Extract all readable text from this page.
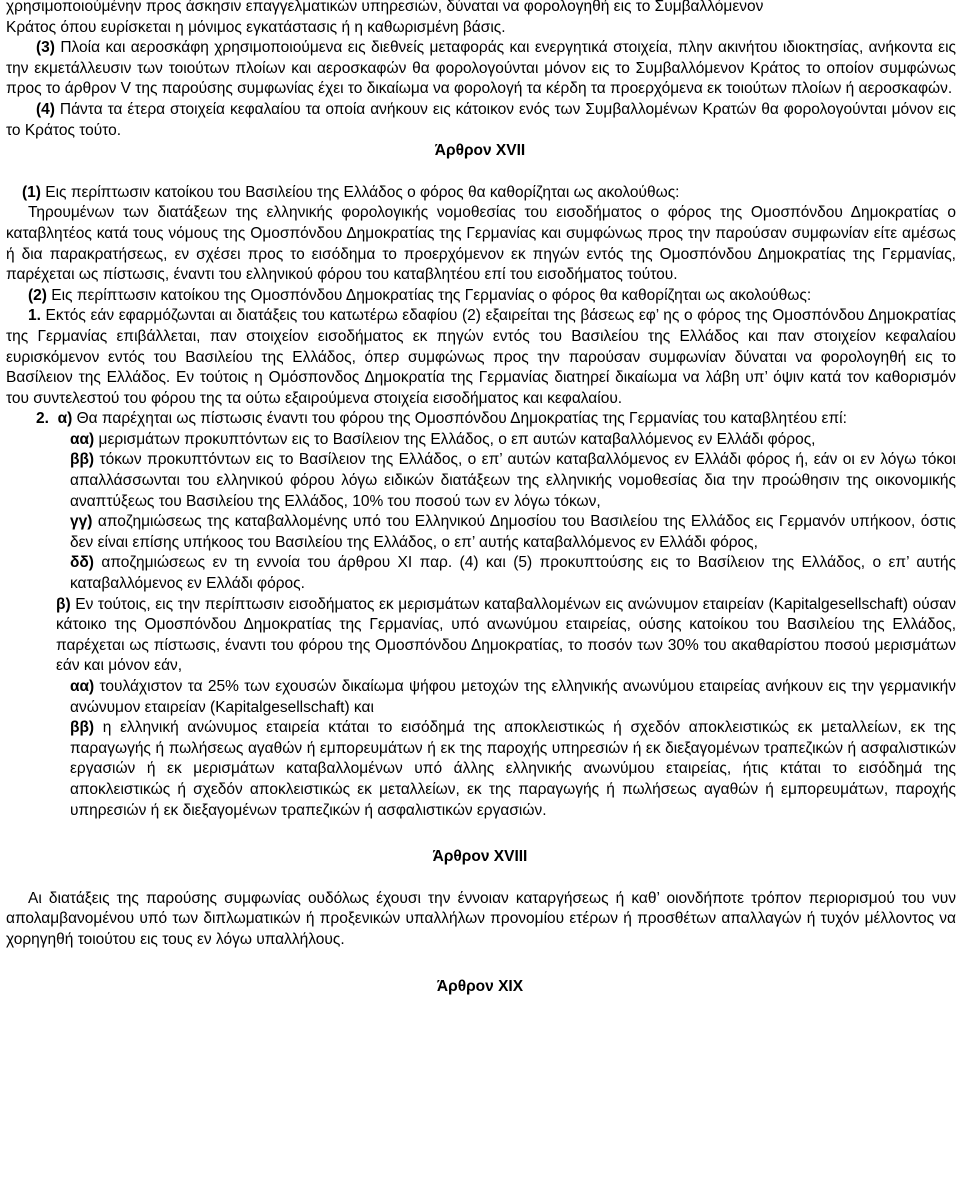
χρησιμοποιούμένην προς άσκησιν επαγγελματικών υπηρεσιών, δύναται να φορολογηθή εις το Συμβαλλόμενον

Κράτος όπου ευρίσκεται η μόνιμος εγκατάστασις ή η καθωρισμένη βάσις.

(3) Πλοία και αεροσκάφη χρησιμοποιούμενα εις διεθνείς μεταφοράς και ενεργητικά στοιχεία, πλην ακινήτου ιδιοκτησίας, ανήκοντα εις την εκμετάλλευσιν των τοιούτων πλοίων και αεροσκαφών θα φορολογούνται μόνον εις το Συμβαλλόμενον Κράτος το οποίον συμφώνως προς το άρθρον V της παρούσης συμφωνίας έχει το δικαίωμα να φορολογή τα κέρδη τα προερχόμενα εκ τοιούτων πλοίων ή αεροσκαφών.

(4) Πάντα τα έτερα στοιχεία κεφαλαίου τα οποία ανήκουν εις κάτοικον ενός των Συμβαλλομένων Κρατών θα φορολογούνται μόνον εις το Κράτος τούτο.

Άρθρον XVII

(1) Εις περίπτωσιν κατοίκου του Βασιλείου της Ελλάδος ο φόρος θα καθορίζηται ως ακολούθως:

Τηρουμένων των διατάξεων της ελληνικής φορολογικής νομοθεσίας του εισοδήματος ο φόρος της Ομοσπόνδου Δημοκρατίας ο καταβλητέος κατά τους νόμους της Ομοσπόνδου Δημοκρατίας της Γερμανίας και συμφώνως προς την παρούσαν συμφωνίαν είτε αμέσως ή δια παρακρατήσεως, εν σχέσει προς το εισόδημα το προερχόμενον εκ πηγών εντός της Ομοσπόνδου Δημοκρατίας της Γερμανίας, παρέχεται ως πίστωσις, έναντι του ελληνικού φόρου του καταβλητέου επί του εισοδήματος τούτου.

(2) Εις περίπτωσιν κατοίκου της Ομοσπόνδου Δημοκρατίας της Γερμανίας ο φόρος θα καθορίζηται ως ακολούθως:

1. Εκτός εάν εφαρμόζωνται αι διατάξεις του κατωτέρω εδαφίου (2) εξαιρείται της βάσεως εφ’ ης ο φόρος της Ομοσπόνδου Δημοκρατίας της Γερμανίας επιβάλλεται, παν στοιχείον εισοδήματος εκ πηγών εντός του Βασιλείου της Ελλάδος και παν στοιχείον κεφαλαίου ευρισκόμενον εντός του Βασιλείου της Ελλάδος, όπερ συμφώνως προς την παρούσαν συμφωνίαν δύναται να φορολογηθή εις το Βασίλειον της Ελλάδος. Εν τούτοις η Ομόσπονδος Δημοκρατία της Γερμανίας διατηρεί δικαίωμα να λάβη υπ’ όψιν κατά τον καθορισμόν του συντελεστού του φόρου της τα ούτω εξαιρούμενα στοιχεία εισοδήματος και κεφαλαίου.

2. α) Θα παρέχηται ως πίστωσις έναντι του φόρου της Ομοσπόνδου Δημοκρατίας της Γερμανίας του καταβλητέου επί:

αα) μερισμάτων προκυπτόντων εις το Βασίλειον της Ελλάδος, ο επ αυτών καταβαλλόμενος εν Ελλάδι φόρος,

ββ) τόκων προκυπτόντων εις το Βασίλειον της Ελλάδος, ο επ’ αυτών καταβαλλόμενος εν Ελλάδι φόρος ή, εάν οι εν λόγω τόκοι απαλλάσσωνται του ελληνικού φόρου λόγω ειδικών διατάξεων της ελληνικής νομοθεσίας δια την προώθησιν της οικονομικής αναπτύξεως του Βασιλείου της Ελλάδος, 10% του ποσού των εν λόγω τόκων,

γγ) αποζημιώσεως της καταβαλλομένης υπό του Ελληνικού Δημοσίου του Βασιλείου της Ελλάδος εις Γερμανόν υπήκοον, όστις δεν είναι επίσης υπήκοος του Βασιλείου της Ελλάδος, ο επ’ αυτής καταβαλλόμενος εν Ελλάδι φόρος,

δδ) αποζημιώσεως εν τη εννοία του άρθρου XI παρ. (4) και (5) προκυπτούσης εις το Βασίλειον της Ελλάδος, ο επ’ αυτής καταβαλλόμενος εν Ελλάδι φόρος.

β) Εν τούτοις, εις την περίπτωσιν εισοδήματος εκ μερισμάτων καταβαλλομένων εις ανώνυμον εταιρείαν (Kapitalgesellschaft) ούσαν κάτοικο της Ομοσπόνδου Δημοκρατίας της Γερμανίας, υπό ανωνύμου εταιρείας, ούσης κατοίκου του Βασιλείου της Ελλάδος, παρέχεται ως πίστωσις, έναντι του φόρου της Ομοσπόνδου Δημοκρατίας, το ποσόν των 30% του ακαθαρίστου ποσού μερισμάτων εάν και μόνον εάν,

αα) τουλάχιστον τα 25% των εχουσών δικαίωμα ψήφου μετοχών της ελληνικής ανωνύμου εταιρείας ανήκουν εις την γερμανικήν ανώνυμον εταιρείαν (Kapitalgesellschaft) και

ββ) η ελληνική ανώνυμος εταιρεία κτάται το εισόδημά της αποκλειστικώς ή σχεδόν αποκλειστικώς εκ μεταλλείων, εκ της παραγωγής ή πωλήσεως αγαθών ή εμπορευμάτων ή εκ της παροχής υπηρεσιών ή εκ διεξαγομένων τραπεζικών ή ασφαλιστικών εργασιών ή εκ μερισμάτων καταβαλλομένων υπό άλλης ελληνικής ανωνύμου εταιρείας, ήτις κτάται το εισόδημά της αποκλειστικώς ή σχεδόν αποκλειστικώς εκ μεταλλείων, εκ της παραγωγής ή πωλήσεως αγαθών ή εμπορευμάτων, παροχής υπηρεσιών ή εκ διεξαγομένων τραπεζικών ή ασφαλιστικών εργασιών.

Άρθρον XVIII

Αι διατάξεις της παρούσης συμφωνίας ουδόλως έχουσι την έννοιαν καταργήσεως ή καθ’ οιονδήποτε τρόπον περιορισμού του νυν απολαμβανομένου υπό των διπλωματικών ή προξενικών υπαλλήλων προνομίου ετέρων ή προσθέτων απαλλαγών ή τυχόν μέλλοντος να χορηγηθή τοιούτου εις τους εν λόγω υπαλλήλους.

Άρθρον XIX
